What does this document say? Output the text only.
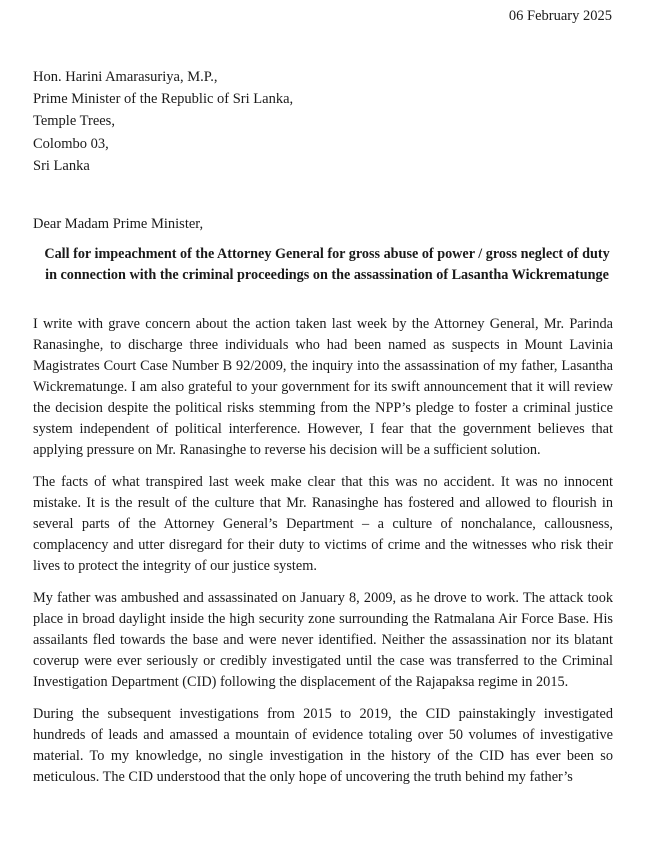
06 February 2025
Hon. Harini Amarasuriya, M.P.,
Prime Minister of the Republic of Sri Lanka,
Temple Trees,
Colombo 03,
Sri Lanka
Dear Madam Prime Minister,
Call for impeachment of the Attorney General for gross abuse of power / gross neglect of duty in connection with the criminal proceedings on the assassination of Lasantha Wickrematunge

I write with grave concern about the action taken last week by the Attorney General, Mr. Parinda Ranasinghe, to discharge three individuals who had been named as suspects in Mount Lavinia Magistrates Court Case Number B 92/2009, the inquiry into the assassination of my father, Lasantha Wickrematunge. I am also grateful to your government for its swift announcement that it will review the decision despite the political risks stemming from the NPP’s pledge to foster a criminal justice system independent of political interference. However, I fear that the government believes that applying pressure on Mr. Ranasinghe to reverse his decision will be a sufficient solution.

The facts of what transpired last week make clear that this was no accident. It was no innocent mistake. It is the result of the culture that Mr. Ranasinghe has fostered and allowed to flourish in several parts of the Attorney General’s Department – a culture of nonchalance, callousness, complacency and utter disregard for their duty to victims of crime and the witnesses who risk their lives to protect the integrity of our justice system.

My father was ambushed and assassinated on January 8, 2009, as he drove to work. The attack took place in broad daylight inside the high security zone surrounding the Ratmalana Air Force Base. His assailants fled towards the base and were never identified. Neither the assassination nor its blatant coverup were ever seriously or credibly investigated until the case was transferred to the Criminal Investigation Department (CID) following the displacement of the Rajapaksa regime in 2015.

During the subsequent investigations from 2015 to 2019, the CID painstakingly investigated hundreds of leads and amassed a mountain of evidence totaling over 50 volumes of investigative material. To my knowledge, no single investigation in the history of the CID has ever been so meticulous. The CID understood that the only hope of uncovering the truth behind my father’s
